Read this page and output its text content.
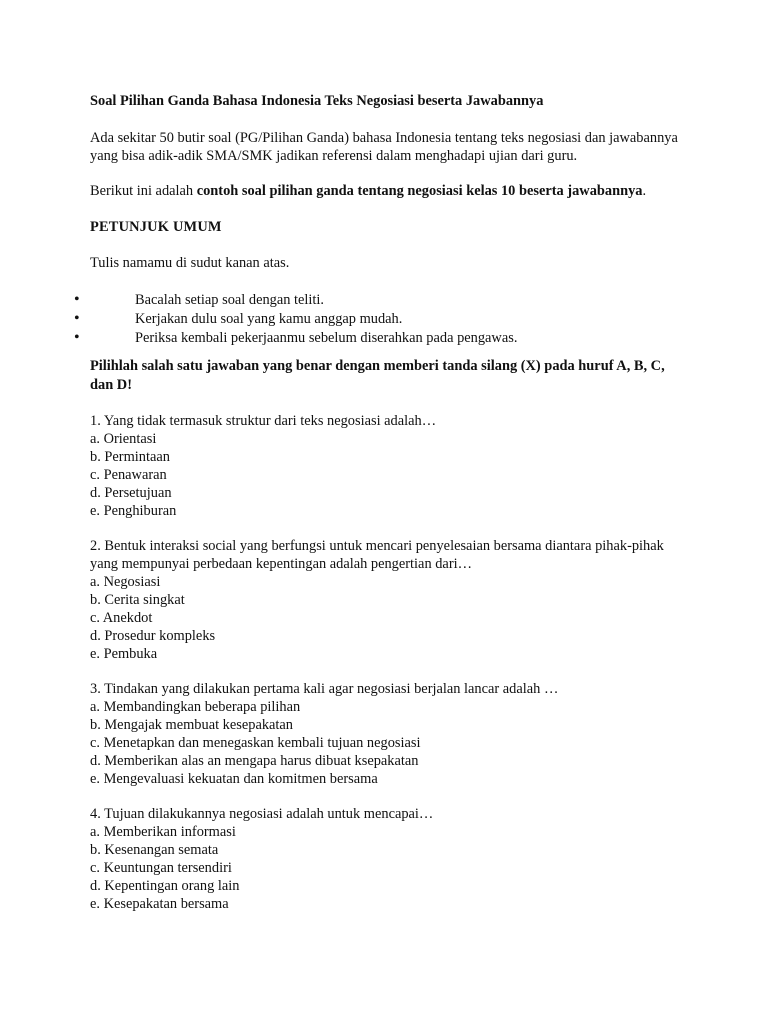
Soal Pilihan Ganda Bahasa Indonesia Teks Negosiasi beserta Jawabannya

Ada sekitar 50 butir soal (PG/Pilihan Ganda) bahasa Indonesia tentang teks negosiasi dan jawabannya yang bisa adik-adik SMA/SMK jadikan referensi dalam menghadapi ujian dari guru.

Berikut ini adalah contoh soal pilihan ganda tentang negosiasi kelas 10 beserta jawabannya.

PETUNJUK UMUM

Tulis namamu di sudut kanan atas.

•	Bacalah setiap soal dengan teliti.
•	Kerjakan dulu soal yang kamu anggap mudah.
•	Periksa kembali pekerjaanmu sebelum diserahkan pada pengawas.

Pilihlah salah satu jawaban yang benar dengan memberi tanda silang (X) pada huruf A, B, C, dan D!

1. Yang tidak termasuk struktur dari teks negosiasi adalah…

a. Orientasi

b. Permintaan

c. Penawaran

d. Persetujuan

e. Penghiburan

2. Bentuk interaksi social yang berfungsi untuk mencari penyelesaian bersama diantara pihak-pihak yang mempunyai perbedaan kepentingan adalah pengertian dari…

a. Negosiasi

b. Cerita singkat

c. Anekdot

d. Prosedur kompleks

e. Pembuka

3. Tindakan yang dilakukan pertama kali agar negosiasi berjalan lancar adalah …

a. Membandingkan beberapa pilihan

b. Mengajak membuat kesepakatan

c. Menetapkan dan menegaskan kembali tujuan negosiasi

d. Memberikan alas an mengapa harus dibuat ksepakatan

e. Mengevaluasi kekuatan dan komitmen bersama

4. Tujuan dilakukannya negosiasi adalah untuk mencapai…

a. Memberikan informasi

b. Kesenangan semata

c. Keuntungan tersendiri

d. Kepentingan orang lain

e. Kesepakatan bersama
